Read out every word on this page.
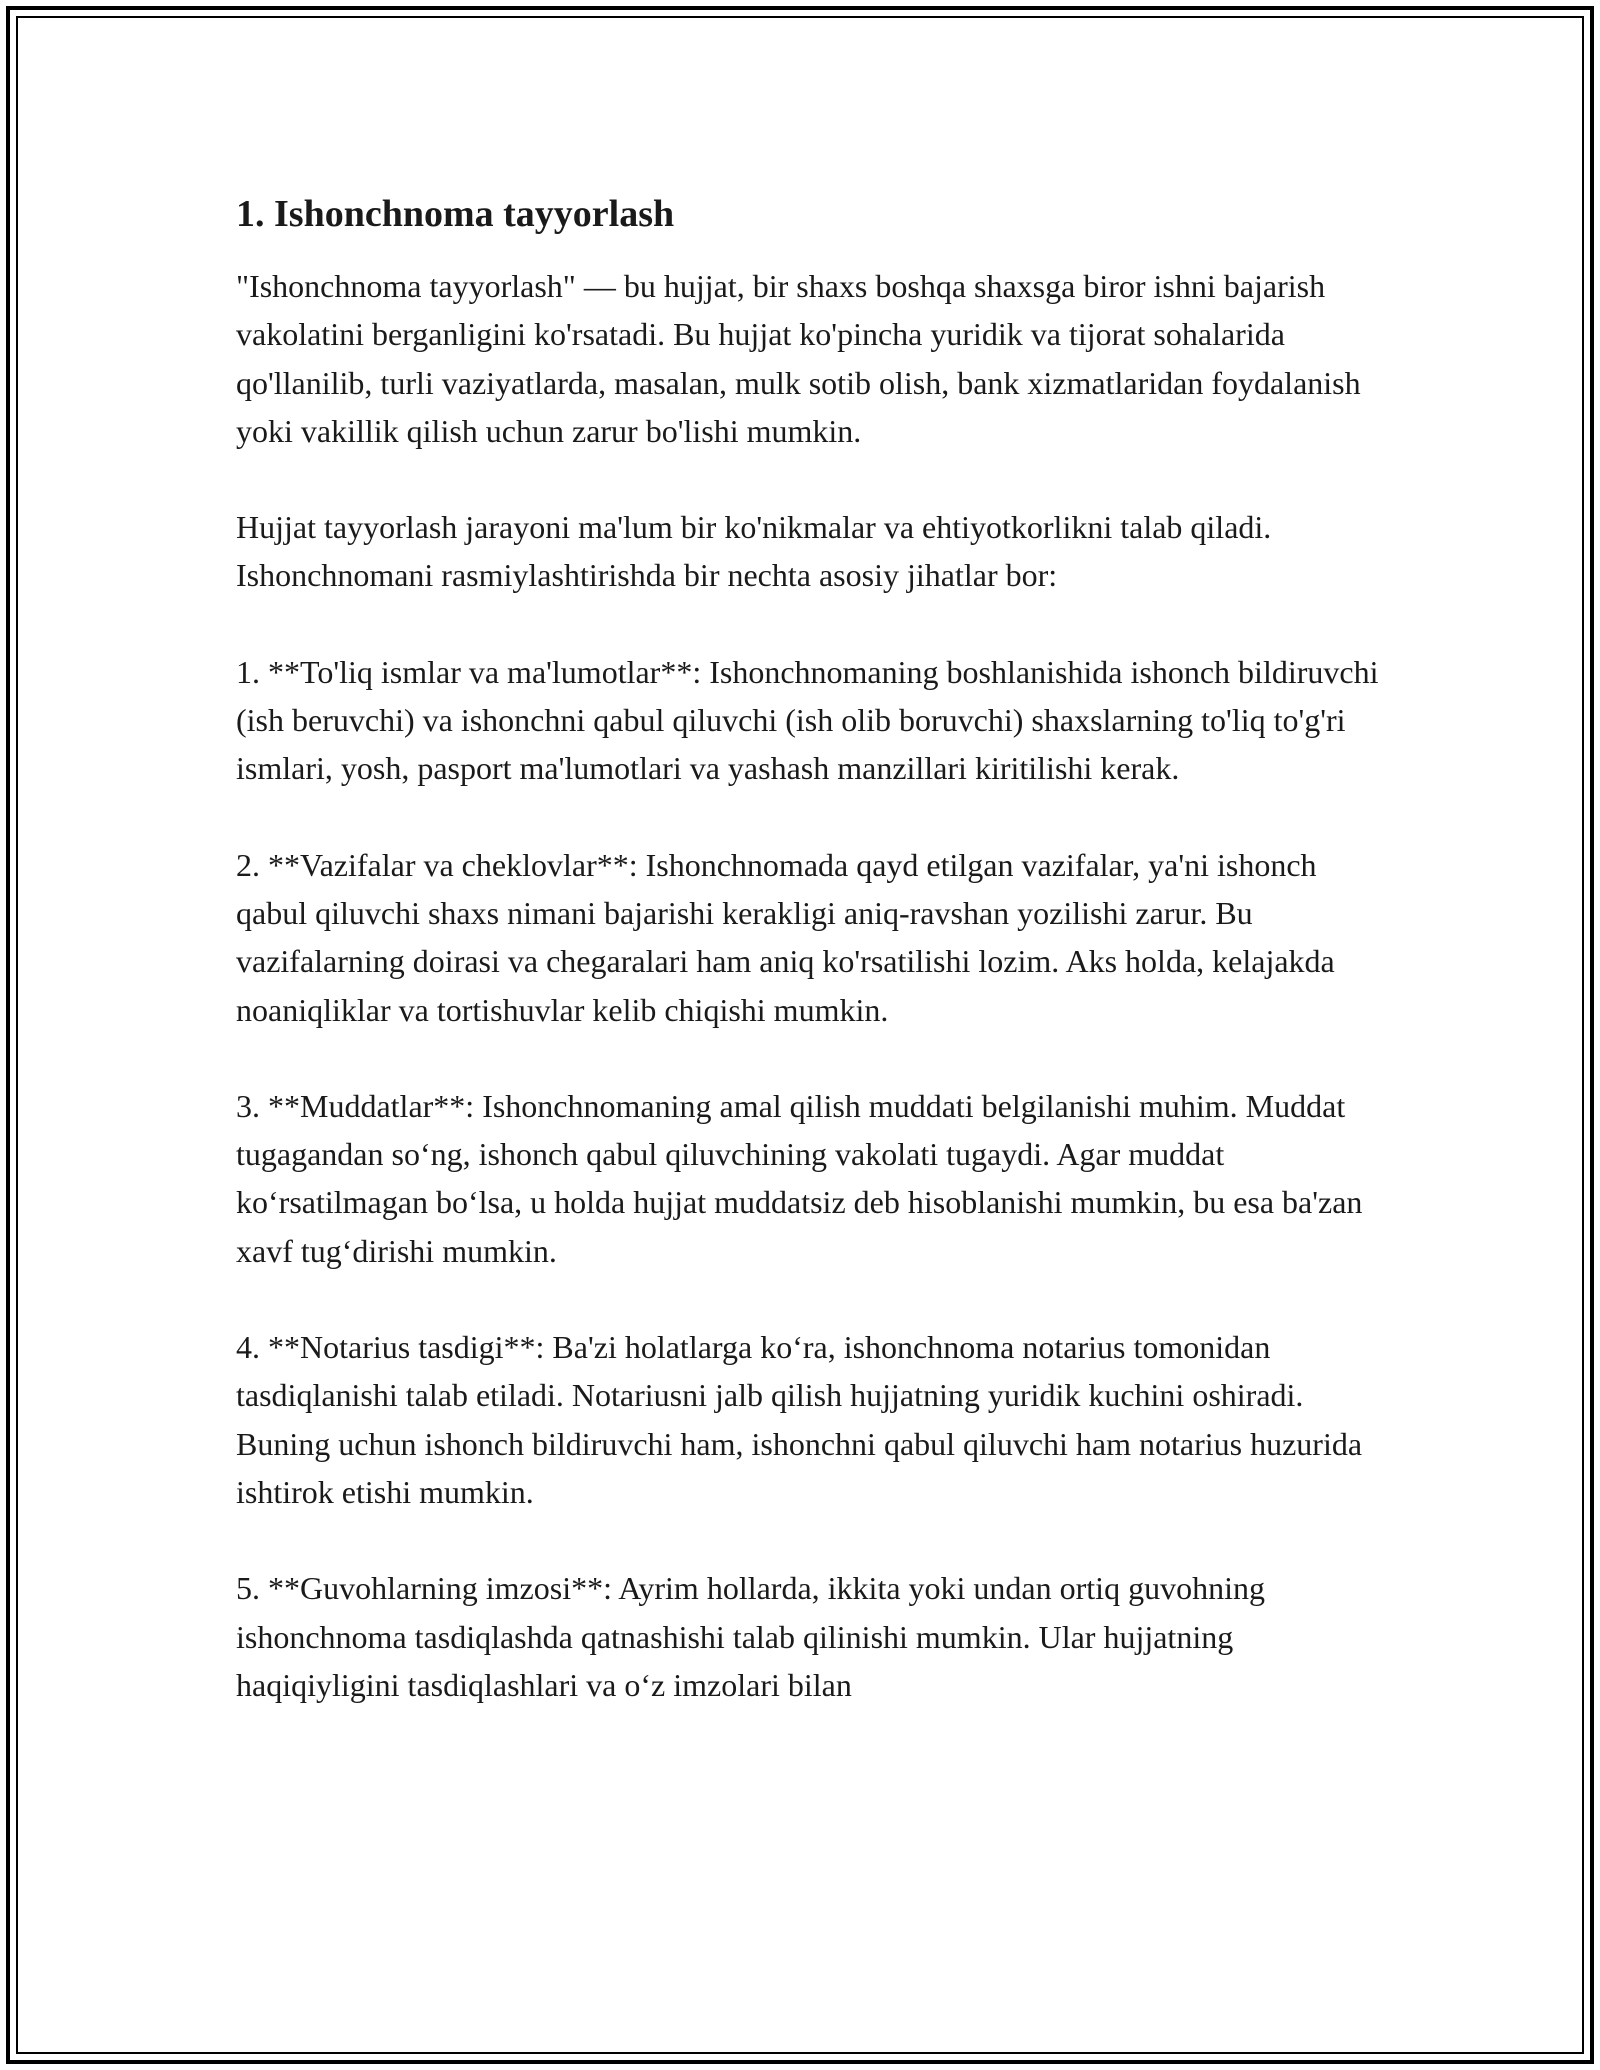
1. Ishonchnoma tayyorlash

"Ishonchnoma tayyorlash" — bu hujjat, bir shaxs boshqa shaxsga biror ishni bajarish vakolatini berganligini ko'rsatadi. Bu hujjat ko'pincha yuridik va tijorat sohalarida qo'llanilib, turli vaziyatlarda, masalan, mulk sotib olish, bank xizmatlaridan foydalanish yoki vakillik qilish uchun zarur bo'lishi mumkin.

Hujjat tayyorlash jarayoni ma'lum bir ko'nikmalar va ehtiyotkorlikni talab qiladi. Ishonchnomani rasmiylashtirishda bir nechta asosiy jihatlar bor:

1. **To'liq ismlar va ma'lumotlar**: Ishonchnomaning boshlanishida ishonch bildiruvchi (ish beruvchi) va ishonchni qabul qiluvchi (ish olib boruvchi) shaxslarning to'liq to'g'ri ismlari, yosh, pasport ma'lumotlari va yashash manzillari kiritilishi kerak.

2. **Vazifalar va cheklovlar**: Ishonchnomada qayd etilgan vazifalar, ya'ni ishonch qabul qiluvchi shaxs nimani bajarishi kerakligi aniq-ravshan yozilishi zarur. Bu vazifalarning doirasi va chegaralari ham aniq ko'rsatilishi lozim. Aks holda, kelajakda noaniqliklar va tortishuvlar kelib chiqishi mumkin.

3. **Muddatlar**: Ishonchnomaning amal qilish muddati belgilanishi muhim. Muddat tugagandan so‘ng, ishonch qabul qiluvchining vakolati tugaydi. Agar muddat ko‘rsatilmagan bo‘lsa, u holda hujjat muddatsiz deb hisoblanishi mumkin, bu esa ba'zan xavf tug‘dirishi mumkin.

4. **Notarius tasdigi**: Ba'zi holatlarga ko‘ra, ishonchnoma notarius tomonidan tasdiqlanishi talab etiladi. Notariusni jalb qilish hujjatning yuridik kuchini oshiradi. Buning uchun ishonch bildiruvchi ham, ishonchni qabul qiluvchi ham notarius huzurida ishtirok etishi mumkin.

5. **Guvohlarning imzosi**: Ayrim hollarda, ikkita yoki undan ortiq guvohning ishonchnoma tasdiqlashda qatnashishi talab qilinishi mumkin. Ular hujjatning haqiqiyligini tasdiqlashlari va o‘z imzolari bilan
